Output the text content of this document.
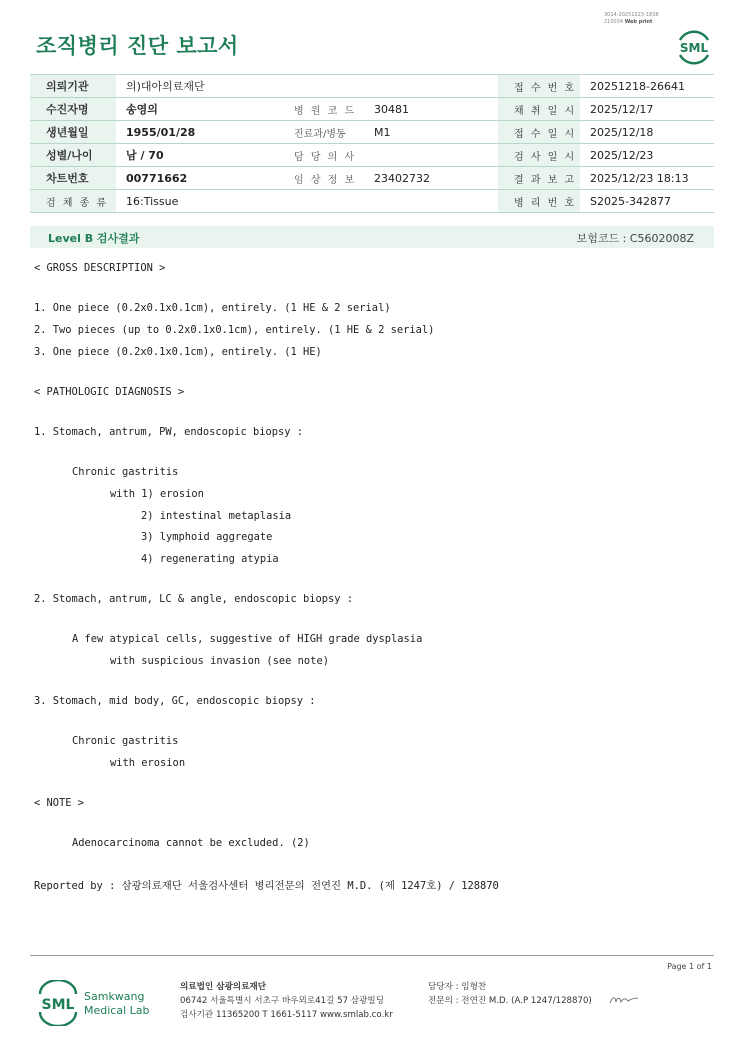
조직병리 진단 보고서
3014-20251223-1838
210034 Web print
SML
의뢰기관	의)대아의료재단			접 수 번 호	20251218-26641
수진자명	송영의	병 원 코 드	30481	채 취 일 시	2025/12/17
생년월일	1955/01/28	진료과/병동	M1	접 수 일 시	2025/12/18
성별/나이	남 / 70	담 당 의 사		검 사 일 시	2025/12/23
차트번호	00771662	임 상 정 보	23402732	결 과 보 고	2025/12/23 18:13
검 체 종 류	16:Tissue			병 리 번 호	S2025-342877
Level B 검사결과	보험코드 : C5602008Z
< GROSS DESCRIPTION >
1. One piece (0.2x0.1x0.1cm), entirely. (1 HE & 2 serial)
2. Two pieces (up to 0.2x0.1x0.1cm), entirely. (1 HE & 2 serial)
3. One piece (0.2x0.1x0.1cm), entirely. (1 HE)
< PATHOLOGIC DIAGNOSIS >
1. Stomach, antrum, PW, endoscopic biopsy :
Chronic gastritis
with 1) erosion
2) intestinal metaplasia
3) lymphoid aggregate
4) regenerating atypia
2. Stomach, antrum, LC & angle, endoscopic biopsy :
A few atypical cells, suggestive of HIGH grade dysplasia
with suspicious invasion (see note)
3. Stomach, mid body, GC, endoscopic biopsy :
Chronic gastritis
with erosion
< NOTE >
Adenocarcinoma cannot be excluded. (2)
Reported by : 삼광의료재단 서울검사센터 병리전문의 전연진 M.D. (제 1247호) / 128870
Page 1 of 1
SML
Samkwang
Medical Lab
의료법인 삼광의료재단
06742 서울특별시 서초구 바우뫼로41길 57 삼광빌딩
검사기관 11365200 T 1661-5117 www.smlab.co.kr
담당자 : 임형찬
전문의 : 전연진 M.D. (A.P 1247/128870)
